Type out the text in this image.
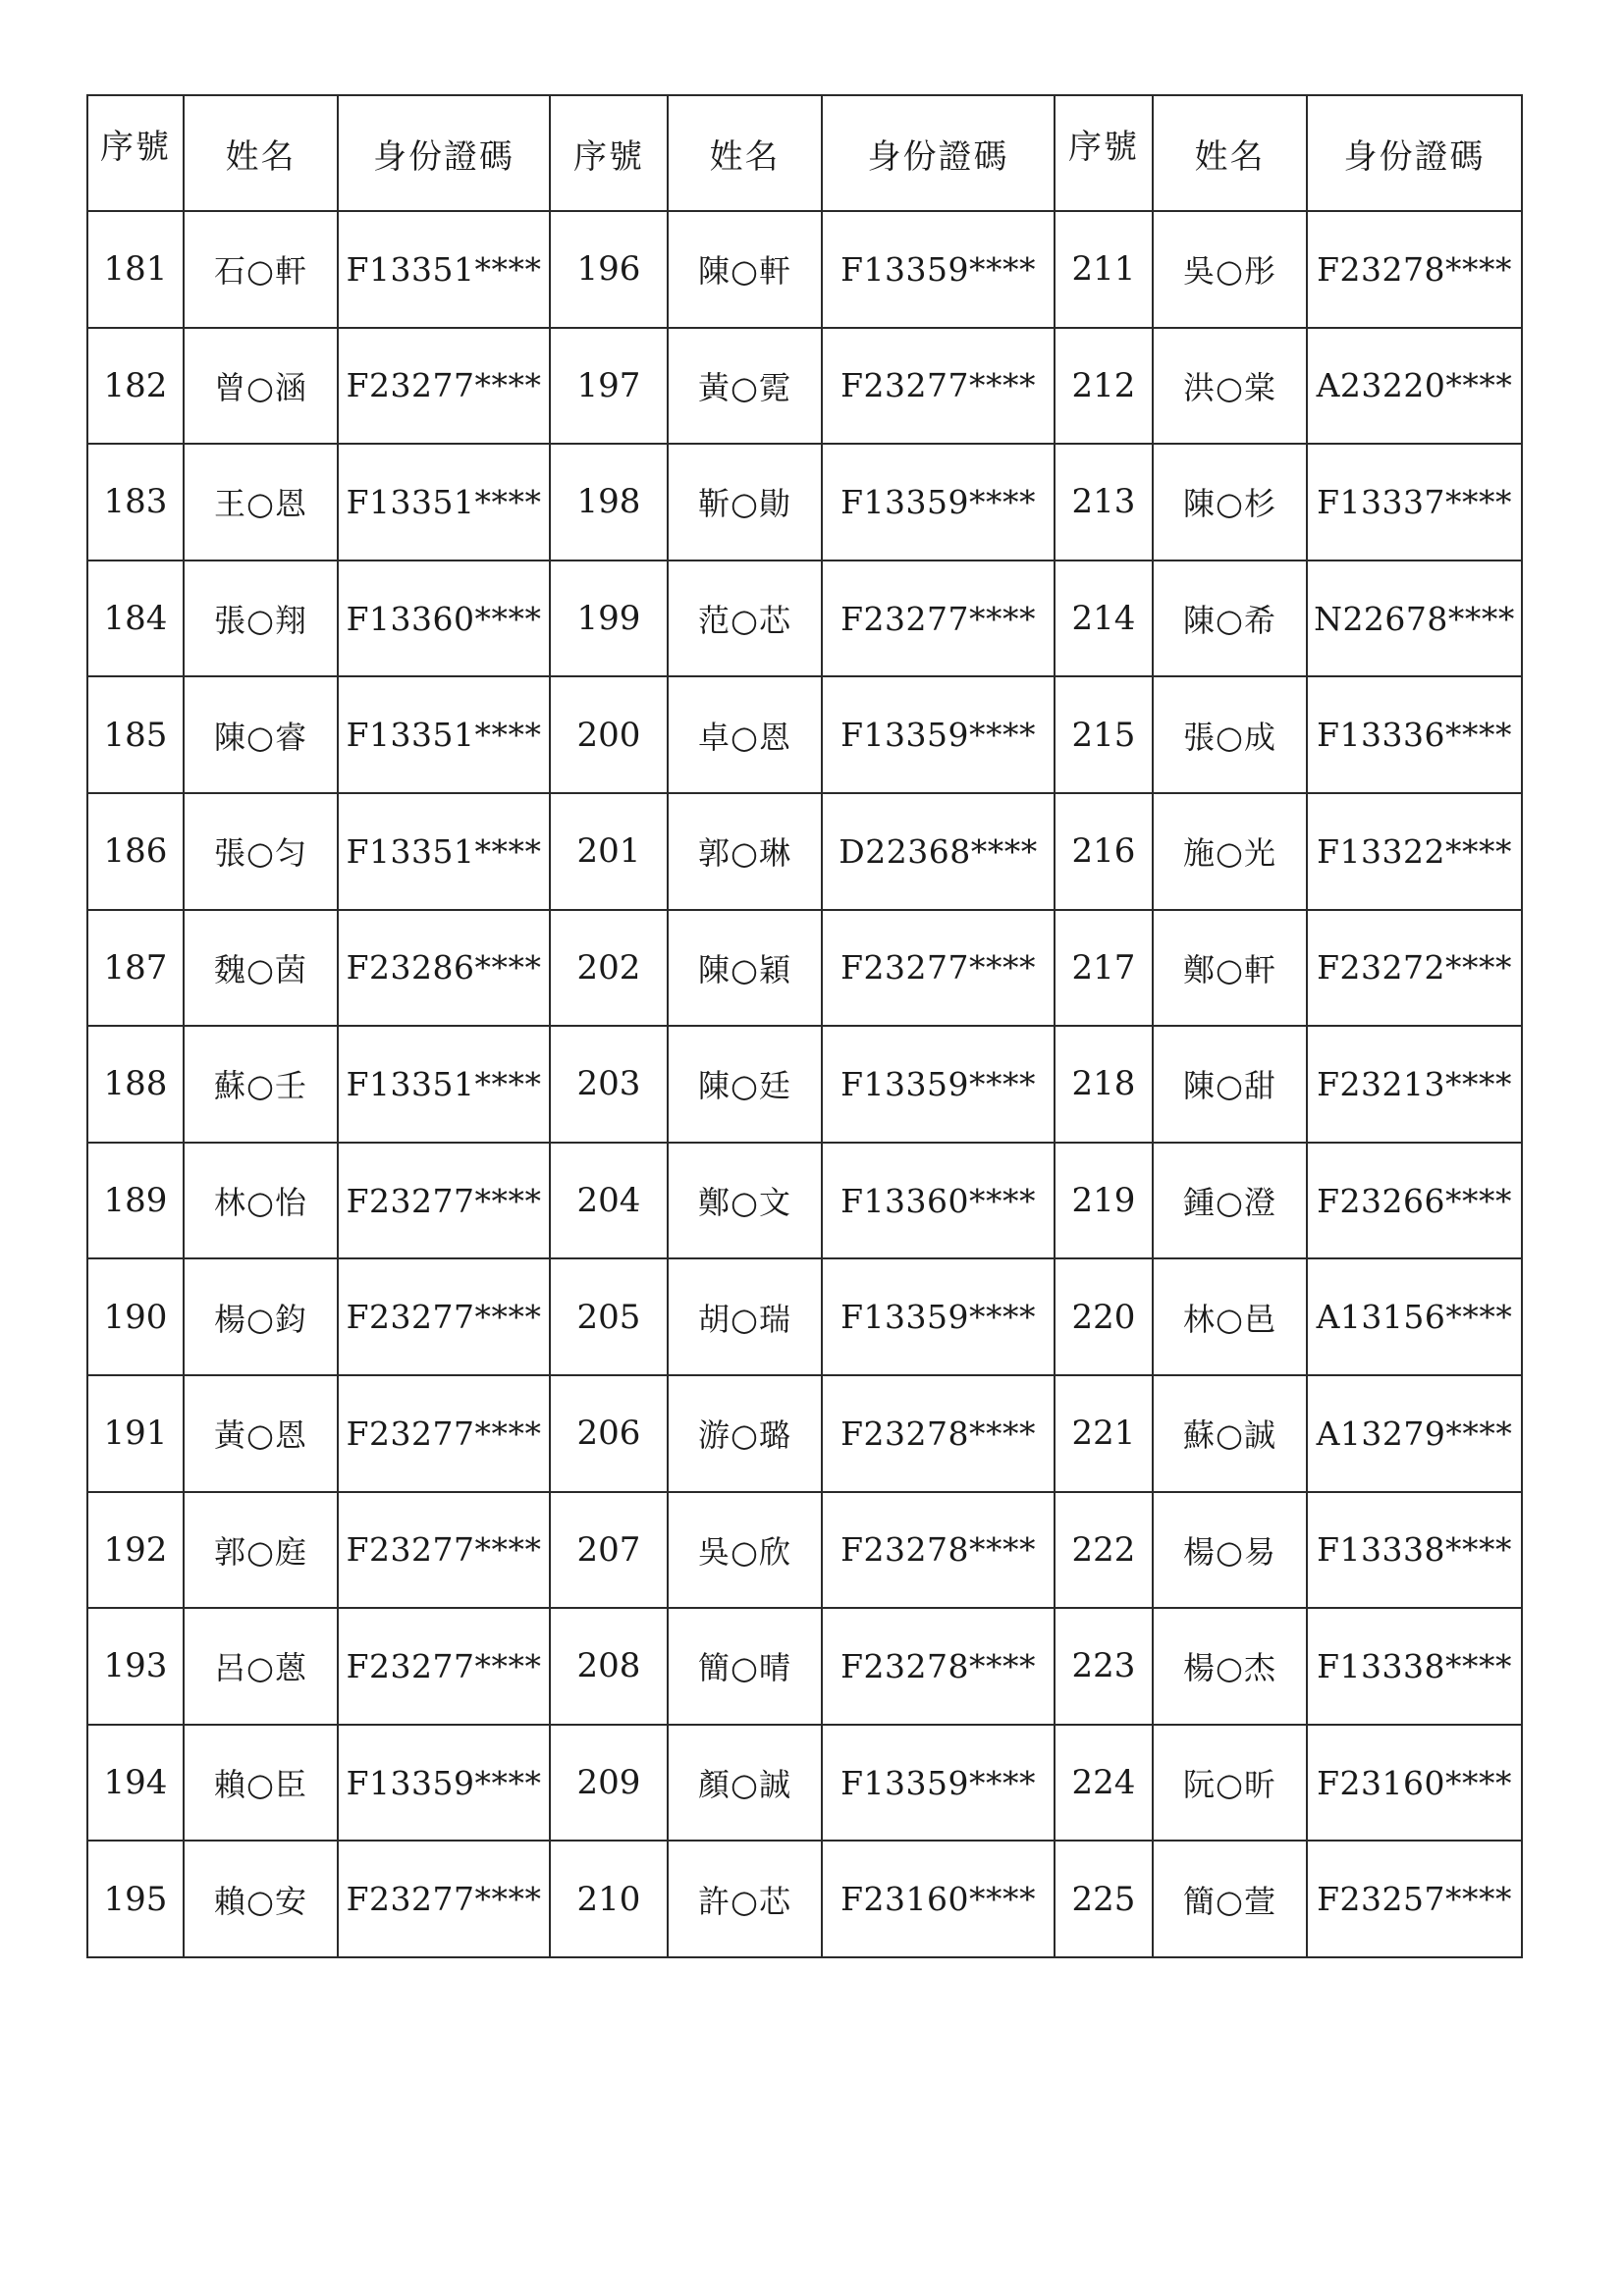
序號	姓名	身份證碼	序號	姓名	身份證碼	序號	姓名	身份證碼
181	石○軒	F13351****	196	陳○軒	F13359****	211	吳○彤	F23278****
182	曾○涵	F23277****	197	黃○霓	F23277****	212	洪○棠	A23220****
183	王○恩	F13351****	198	靳○勛	F13359****	213	陳○杉	F13337****
184	張○翔	F13360****	199	范○芯	F23277****	214	陳○希	N22678****
185	陳○睿	F13351****	200	卓○恩	F13359****	215	張○成	F13336****
186	張○匀	F13351****	201	郭○琳	D22368****	216	施○光	F13322****
187	魏○茵	F23286****	202	陳○穎	F23277****	217	鄭○軒	F23272****
188	蘇○壬	F13351****	203	陳○廷	F13359****	218	陳○甜	F23213****
189	林○怡	F23277****	204	鄭○文	F13360****	219	鍾○澄	F23266****
190	楊○鈞	F23277****	205	胡○瑞	F13359****	220	林○邑	A13156****
191	黃○恩	F23277****	206	游○璐	F23278****	221	蘇○誠	A13279****
192	郭○庭	F23277****	207	吳○欣	F23278****	222	楊○易	F13338****
193	呂○蒽	F23277****	208	簡○晴	F23278****	223	楊○杰	F13338****
194	賴○臣	F13359****	209	顏○誠	F13359****	224	阮○昕	F23160****
195	賴○安	F23277****	210	許○芯	F23160****	225	簡○萱	F23257****
